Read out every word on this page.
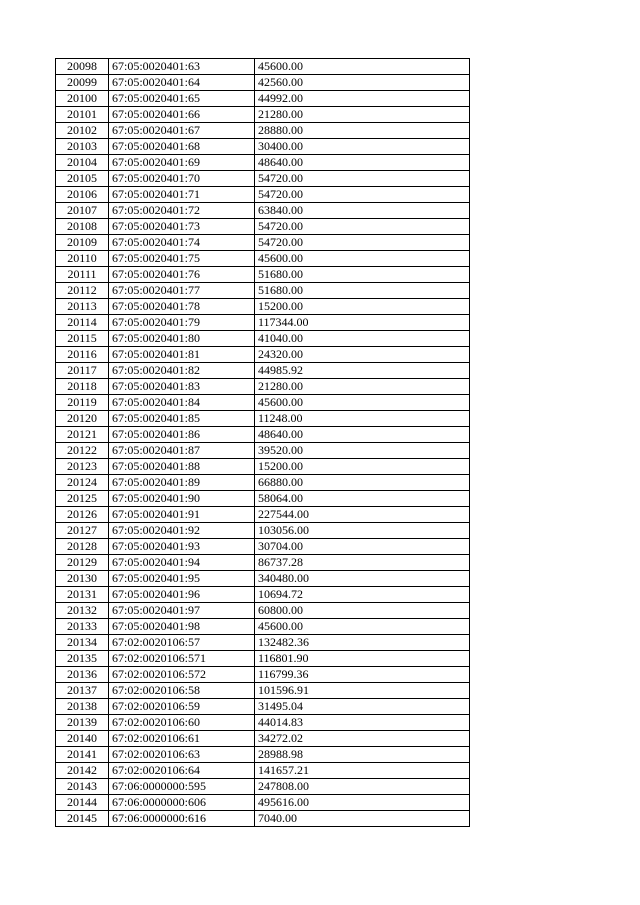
20098	67:05:0020401:63	45600.00
20099	67:05:0020401:64	42560.00
20100	67:05:0020401:65	44992.00
20101	67:05:0020401:66	21280.00
20102	67:05:0020401:67	28880.00
20103	67:05:0020401:68	30400.00
20104	67:05:0020401:69	48640.00
20105	67:05:0020401:70	54720.00
20106	67:05:0020401:71	54720.00
20107	67:05:0020401:72	63840.00
20108	67:05:0020401:73	54720.00
20109	67:05:0020401:74	54720.00
20110	67:05:0020401:75	45600.00
20111	67:05:0020401:76	51680.00
20112	67:05:0020401:77	51680.00
20113	67:05:0020401:78	15200.00
20114	67:05:0020401:79	117344.00
20115	67:05:0020401:80	41040.00
20116	67:05:0020401:81	24320.00
20117	67:05:0020401:82	44985.92
20118	67:05:0020401:83	21280.00
20119	67:05:0020401:84	45600.00
20120	67:05:0020401:85	11248.00
20121	67:05:0020401:86	48640.00
20122	67:05:0020401:87	39520.00
20123	67:05:0020401:88	15200.00
20124	67:05:0020401:89	66880.00
20125	67:05:0020401:90	58064.00
20126	67:05:0020401:91	227544.00
20127	67:05:0020401:92	103056.00
20128	67:05:0020401:93	30704.00
20129	67:05:0020401:94	86737.28
20130	67:05:0020401:95	340480.00
20131	67:05:0020401:96	10694.72
20132	67:05:0020401:97	60800.00
20133	67:05:0020401:98	45600.00
20134	67:02:0020106:57	132482.36
20135	67:02:0020106:571	116801.90
20136	67:02:0020106:572	116799.36
20137	67:02:0020106:58	101596.91
20138	67:02:0020106:59	31495.04
20139	67:02:0020106:60	44014.83
20140	67:02:0020106:61	34272.02
20141	67:02:0020106:63	28988.98
20142	67:02:0020106:64	141657.21
20143	67:06:0000000:595	247808.00
20144	67:06:0000000:606	495616.00
20145	67:06:0000000:616	7040.00
